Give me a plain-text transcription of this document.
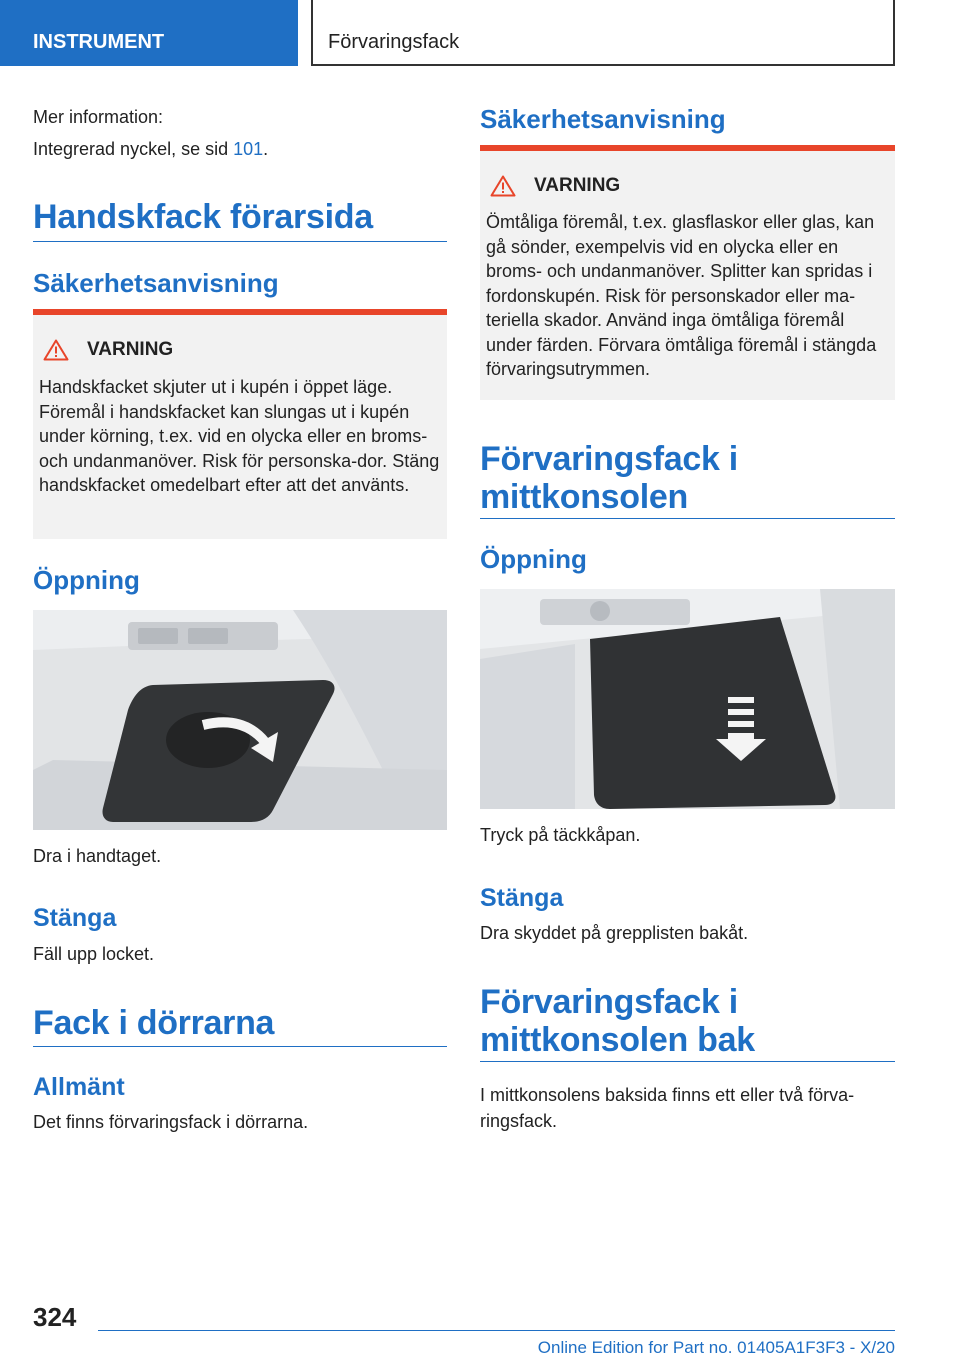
INSTRUMENT	Förvaringsfack
Mer information:
Integrerad nyckel, se sid 101.
Handskfack förarsida
Säkerhetsanvisning
VARNING
Handskfacket skjuter ut i kupén i öppet läge. Föremål i handskfacket kan slungas ut i kupén under körning, t.ex. vid en olycka eller en broms- och undanmanöver. Risk för personska-dor. Stäng handskfacket omedelbart efter att det använts.
Öppning
Dra i handtaget.
Stänga
Fäll upp locket.
Fack i dörrarna
Allmänt
Det finns förvaringsfack i dörrarna.
Säkerhetsanvisning
VARNING
Ömtåliga föremål, t.ex. glasflaskor eller glas, kan gå sönder, exempelvis vid en olycka eller en broms- och undanmanöver. Splitter kan spridas i fordonskupén. Risk för personskador eller ma-teriella skador. Använd inga ömtåliga föremål under färden. Förvara ömtåliga föremål i stängda förvaringsutrymmen.
Förvaringsfack i
mittkonsolen
Öppning
Tryck på täckkåpan.
Stänga
Dra skyddet på grepplisten bakåt.
Förvaringsfack i
mittkonsolen bak
I mittkonsolens baksida finns ett eller två förva-ringsfack.
324
Online Edition for Part no. 01405A1F3F3 - X/20
